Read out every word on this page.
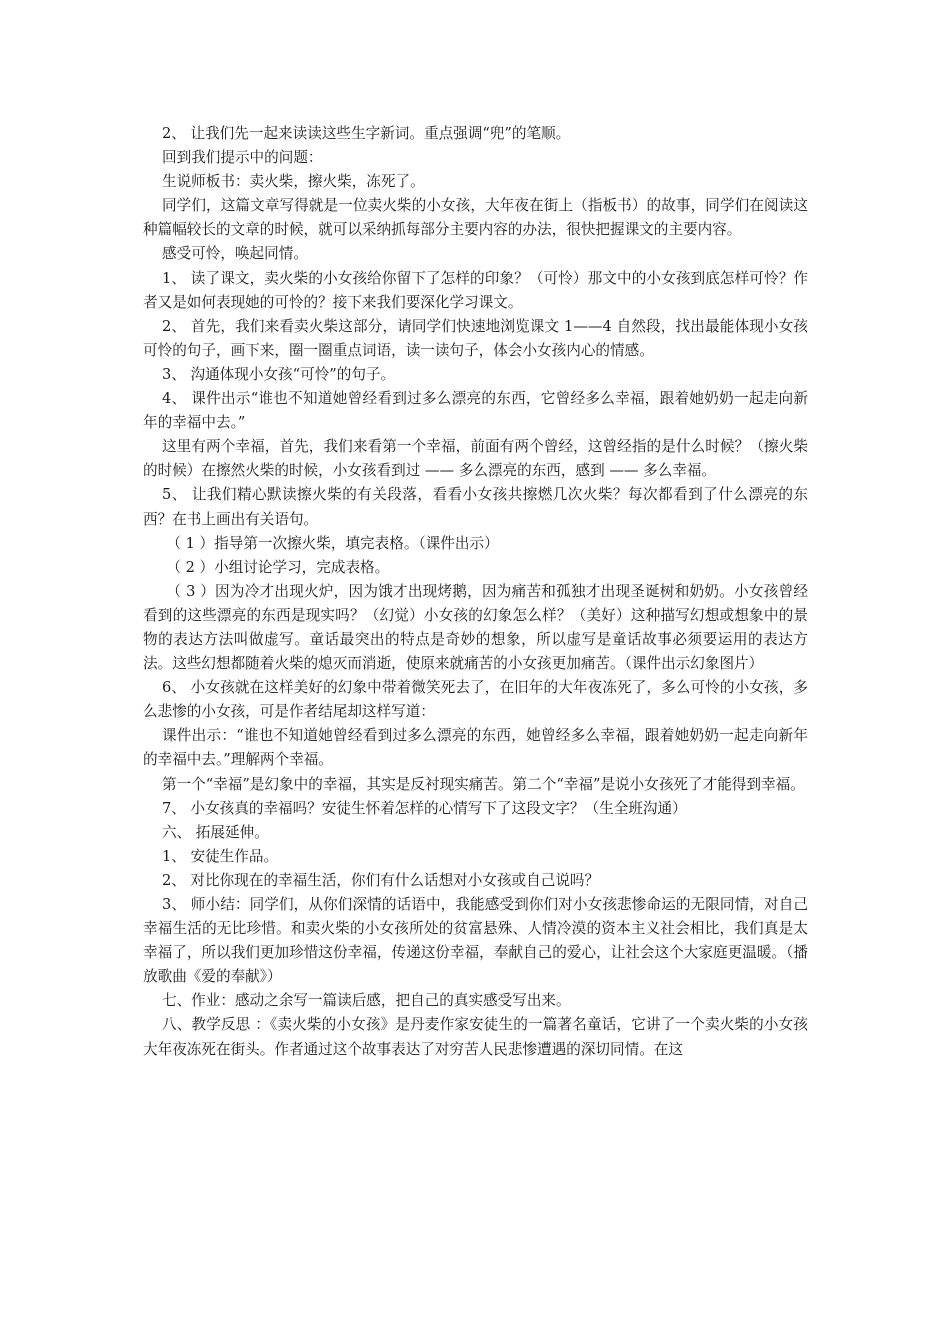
2、 让我们先一起来读读这些生字新词。重点强调“兜”的笔顺。

回到我们提示中的问题：

生说师板书：卖火柴，擦火柴，冻死了。

同学们，这篇文章写得就是一位卖火柴的小女孩，大年夜在街上（指板书）的故事，同学们在阅读这种篇幅较长的文章的时候，就可以采纳抓每部分主要内容的办法，很快把握课文的主要内容。

感受可怜，唤起同情。

1、 读了课文，卖火柴的小女孩给你留下了怎样的印象？（可怜）那文中的小女孩到底怎样可怜？作者又是如何表现她的可怜的？接下来我们要深化学习课文。

2、 首先，我们来看卖火柴这部分，请同学们快速地浏览课文 1——4 自然段，找出最能体现小女孩可怜的句子，画下来，圈一圈重点词语，读一读句子，体会小女孩内心的情感。

3、 沟通体现小女孩“可怜”的句子。

4、 课件出示“谁也不知道她曾经看到过多么漂亮的东西，它曾经多么幸福，跟着她奶奶一起走向新年的幸福中去。”

这里有两个幸福，首先，我们来看第一个幸福，前面有两个曾经，这曾经指的是什么时候？（擦火柴的时候）在擦然火柴的时候，小女孩看到过 —— 多么漂亮的东西，感到 —— 多么幸福。

5、 让我们精心默读擦火柴的有关段落，看看小女孩共擦燃几次火柴？每次都看到了什么漂亮的东西？在书上画出有关语句。

（ 1 ）指导第一次擦火柴，填完表格。（课件出示）

（ 2 ）小组讨论学习，完成表格。

（ 3 ）因为冷才出现火炉，因为饿才出现烤鹅，因为痛苦和孤独才出现圣诞树和奶奶。小女孩曾经看到的这些漂亮的东西是现实吗？（幻觉）小女孩的幻象怎么样？（美好）这种描写幻想或想象中的景物的表达方法叫做虚写。童话最突出的特点是奇妙的想象，所以虚写是童话故事必须要运用的表达方法。这些幻想都随着火柴的熄灭而消逝，使原来就痛苦的小女孩更加痛苦。（课件出示幻象图片）

6、 小女孩就在这样美好的幻象中带着微笑死去了，在旧年的大年夜冻死了，多么可怜的小女孩，多么悲惨的小女孩，可是作者结尾却这样写道：

课件出示：“谁也不知道她曾经看到过多么漂亮的东西，她曾经多么幸福，跟着她奶奶一起走向新年的幸福中去。”理解两个幸福。

第一个“幸福”是幻象中的幸福，其实是反衬现实痛苦。第二个“幸福”是说小女孩死了才能得到幸福。

7、 小女孩真的幸福吗？安徒生怀着怎样的心情写下了这段文字？（生全班沟通）

六、 拓展延伸。

1、 安徒生作品。

2、 对比你现在的幸福生活，你们有什么话想对小女孩或自己说吗？

3、 师小结：同学们，从你们深情的话语中，我能感受到你们对小女孩悲惨命运的无限同情，对自己幸福生活的无比珍惜。和卖火柴的小女孩所处的贫富悬殊、人情冷漠的资本主义社会相比，我们真是太幸福了，所以我们更加珍惜这份幸福，传递这份幸福，奉献自己的爱心，让社会这个大家庭更温暖。（播放歌曲《爱的奉献》）

七、作业：感动之余写一篇读后感，把自己的真实感受写出来。

八、教学反思 ：《卖火柴的小女孩》是丹麦作家安徒生的一篇著名童话，它讲了一个卖火柴的小女孩大年夜冻死在街头。作者通过这个故事表达了对穷苦人民悲惨遭遇的深切同情。在这
